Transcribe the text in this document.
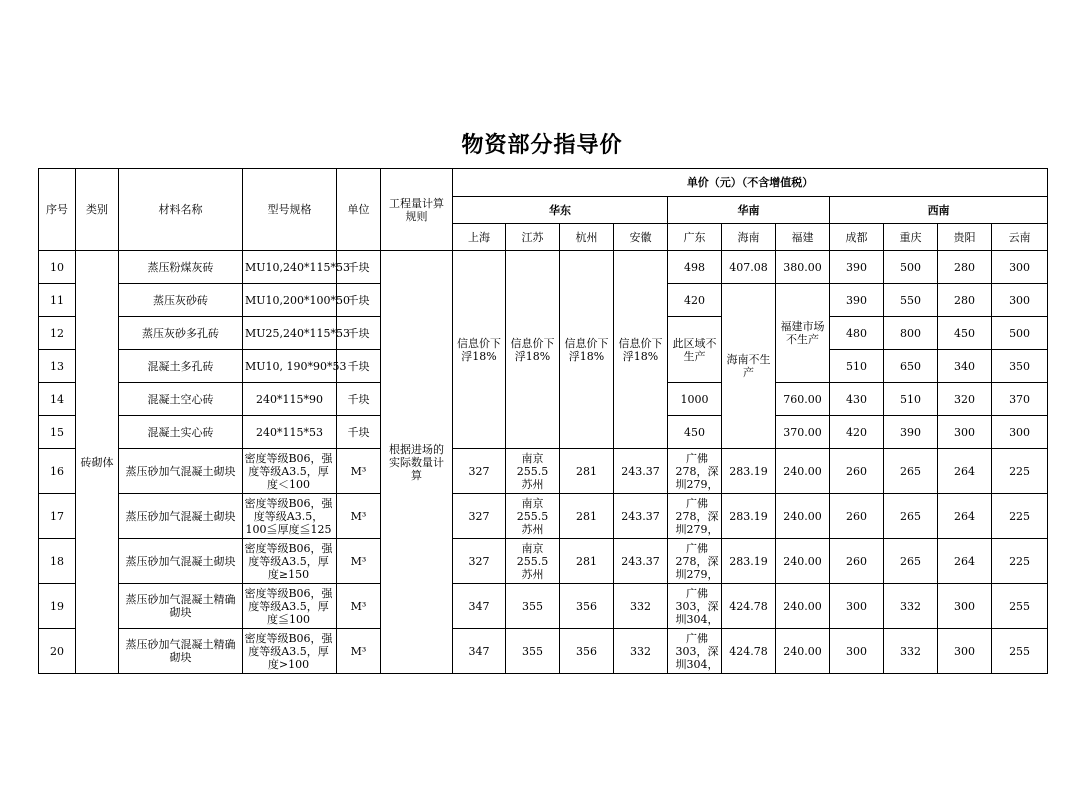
物资部分指导价
序号	类别	材料名称	型号规格	单位	工程量计算规则	单价（元）（不含增值税）										
						华东				华南			西南			
						上海	江苏	杭州	安徽	广东	海南	福建	成都	重庆	贵阳	云南
10	砖砌体	蒸压粉煤灰砖	MU10,240*115*53	千块	根据进场的实际数量计算	信息价下浮18%	信息价下浮18%	信息价下浮18%	信息价下浮18%	498	407.08	380.00	390	500	280	300
11		蒸压灰砂砖	MU10,200*100*50	千块						420	海南不生产	福建市场不生产	390	550	280	300
12		蒸压灰砂多孔砖	MU25,240*115*53	千块						此区域不生产			480	800	450	500
13		混凝土多孔砖	MU10, 190*90*53	千块									510	650	340	350
14		混凝土空心砖	240*115*90	千块						1000		760.00	430	510	320	370
15		混凝土实心砖	240*115*53	千块						450		370.00	420	390	300	300
16		蒸压砂加气混凝土砌块	密度等级B06，强度等级A3.5，厚度＜100	M³		327	南京255.5苏州	281	243.37	广佛278，深圳279，	283.19	240.00	260	265	264	225
17		蒸压砂加气混凝土砌块	密度等级B06，强度等级A3.5，100≦厚度≦125	M³		327	南京255.5苏州	281	243.37	广佛278，深圳279，	283.19	240.00	260	265	264	225
18		蒸压砂加气混凝土砌块	密度等级B06，强度等级A3.5，厚度≥150	M³		327	南京255.5苏州	281	243.37	广佛278，深圳279，	283.19	240.00	260	265	264	225
19		蒸压砂加气混凝土精确砌块	密度等级B06，强度等级A3.5，厚度≦100	M³		347	355	356	332	广佛303，深圳304，	424.78	240.00	300	332	300	255
20		蒸压砂加气混凝土精确砌块	密度等级B06，强度等级A3.5，厚度>100	M³		347	355	356	332	广佛303，深圳304，	424.78	240.00	300	332	300	255
